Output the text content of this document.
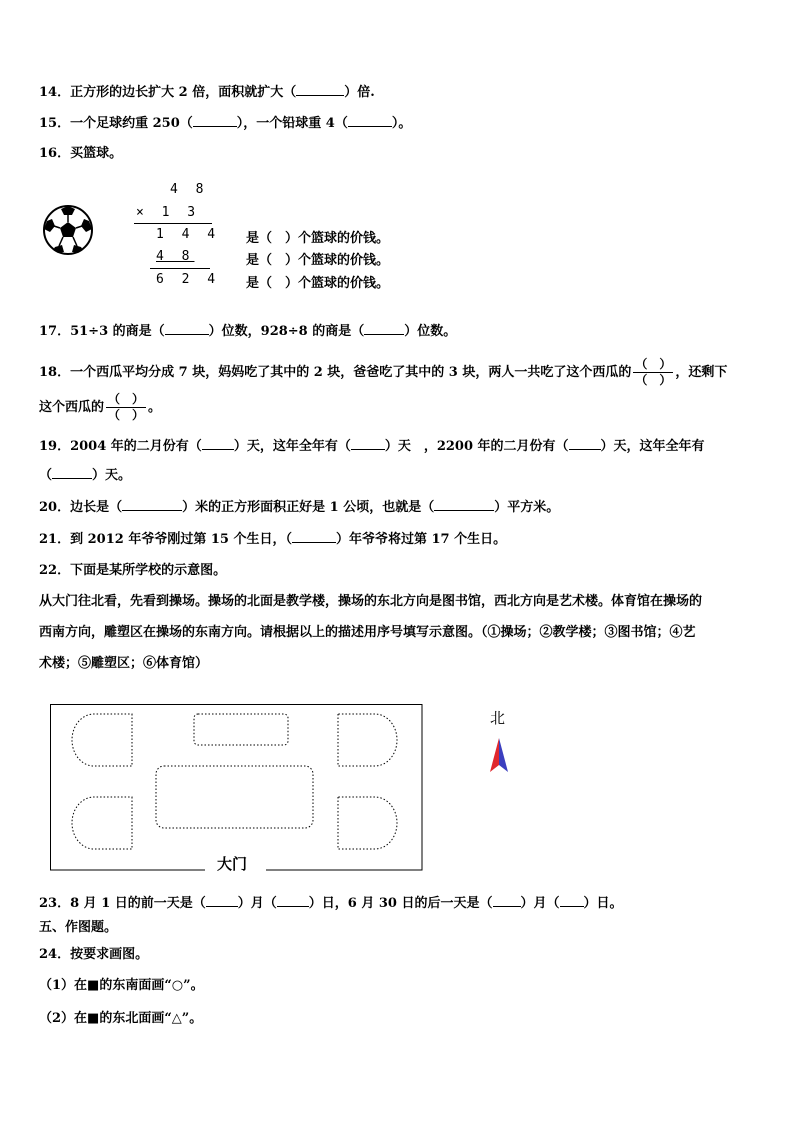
14．正方形的边长扩大 2 倍，面积就扩大（	）倍.
15．一个足球约重 250（	），一个铅球重 4（	）。
16．买篮球。
4 8
× 1 3
1 4 4
4 8
6 2 4
是（　）个篮球的价钱。
是（　）个篮球的价钱。
是（　）个篮球的价钱。
17．51÷3 的商是（	）位数，928÷8 的商是（	）位数。
18．一个西瓜平均分成 7 块，妈妈吃了其中的 2 块，爸爸吃了其中的 3 块，两人一共吃了这个西瓜的 $\frac{( )}{( )}$ ，还剩下
这个西瓜的 $\frac{( )}{( )}$ 。
19．2004 年的二月份有（ ）天，这年全年有（	）天　，2200 年的二月份有（ ）天，这年全年有
（	）天。
20．边长是（	）米的正方形面积正好是 1 公顷，也就是（	）平方米。
21．到 2012 年爷爷刚过第 15 个生日，（	）年爷爷将过第 17 个生日。
22．下面是某所学校的示意图。
从大门往北看，先看到操场。操场的北面是教学楼，操场的东北方向是图书馆，西北方向是艺术楼。体育馆在操场的
西南方向，雕塑区在操场的东南方向。请根据以上的描述用序号填写示意图。（①操场；②教学楼；③图书馆；④艺
术楼；⑤雕塑区；⑥体育馆）
大门
北
23．8 月 1 日的前一天是（ ）月（ ）日，6 月 30 日的后一天是（ ）月（ ）日。
五、作图题。
24．按要求画图。
（1）在■的东南面画“○”。
（2）在■的东北面画“△”。
